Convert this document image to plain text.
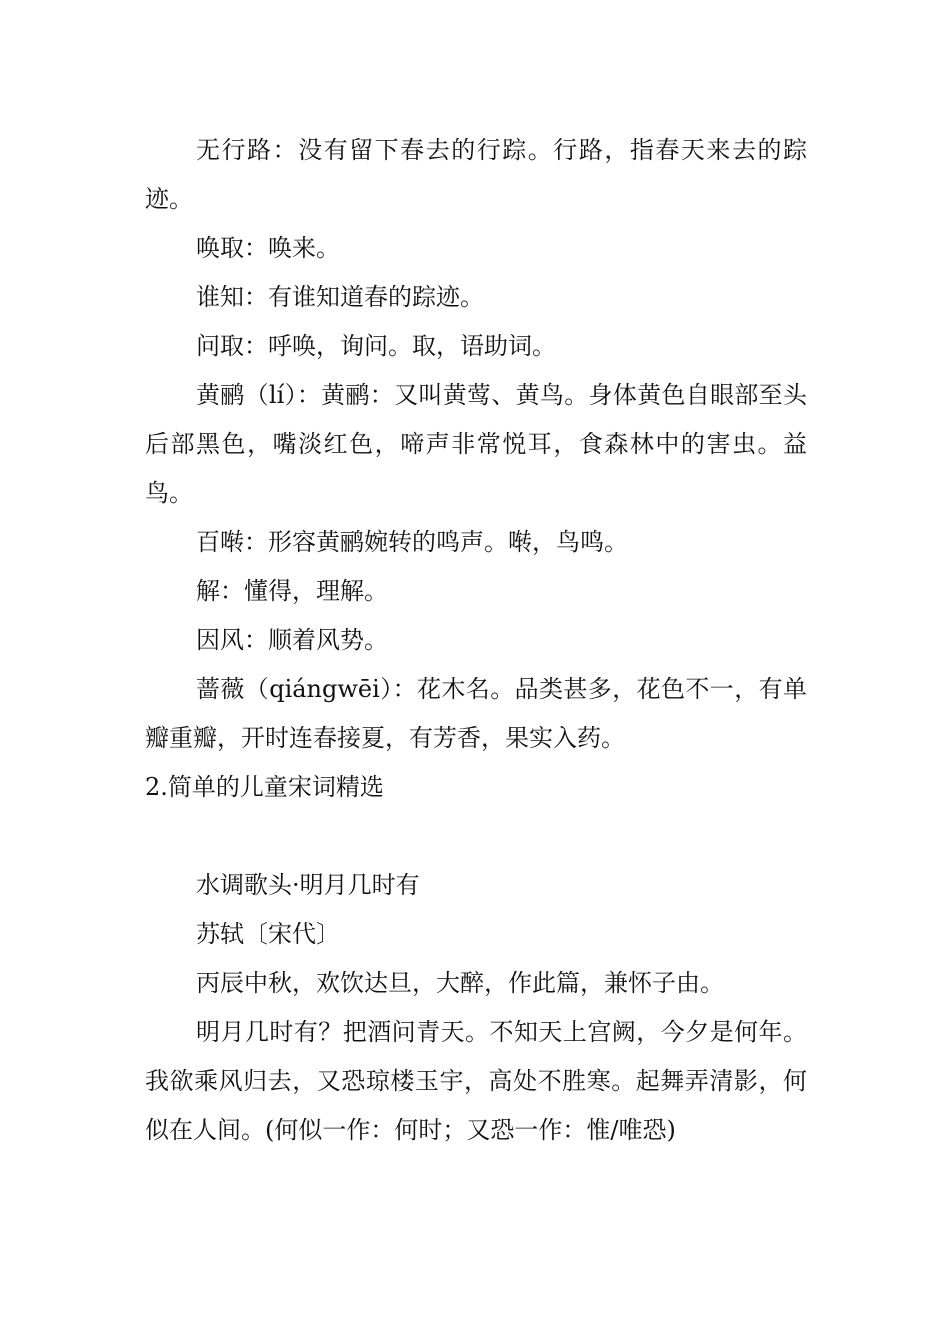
无行路：没有留下春去的行踪。行路，指春天来去的踪迹。

唤取：唤来。

谁知：有谁知道春的踪迹。

问取：呼唤，询问。取，语助词。

黄鹂（lí）：黄鹂：又叫黄莺、黄鸟。身体黄色自眼部至头后部黑色，嘴淡红色，啼声非常悦耳，食森林中的害虫。益鸟。

百啭：形容黄鹂婉转的鸣声。啭，鸟鸣。

解：懂得，理解。

因风：顺着风势。

蔷薇（qiángwēi）：花木名。品类甚多，花色不一，有单瓣重瓣，开时连春接夏，有芳香，果实入药。

2.简单的儿童宋词精选

水调歌头·明月几时有

苏轼〔宋代〕

丙辰中秋，欢饮达旦，大醉，作此篇，兼怀子由。

明月几时有？把酒问青天。不知天上宫阙，今夕是何年。我欲乘风归去，又恐琼楼玉宇，高处不胜寒。起舞弄清影，何似在人间。(何似一作：何时；又恐一作：惟/唯恐)
